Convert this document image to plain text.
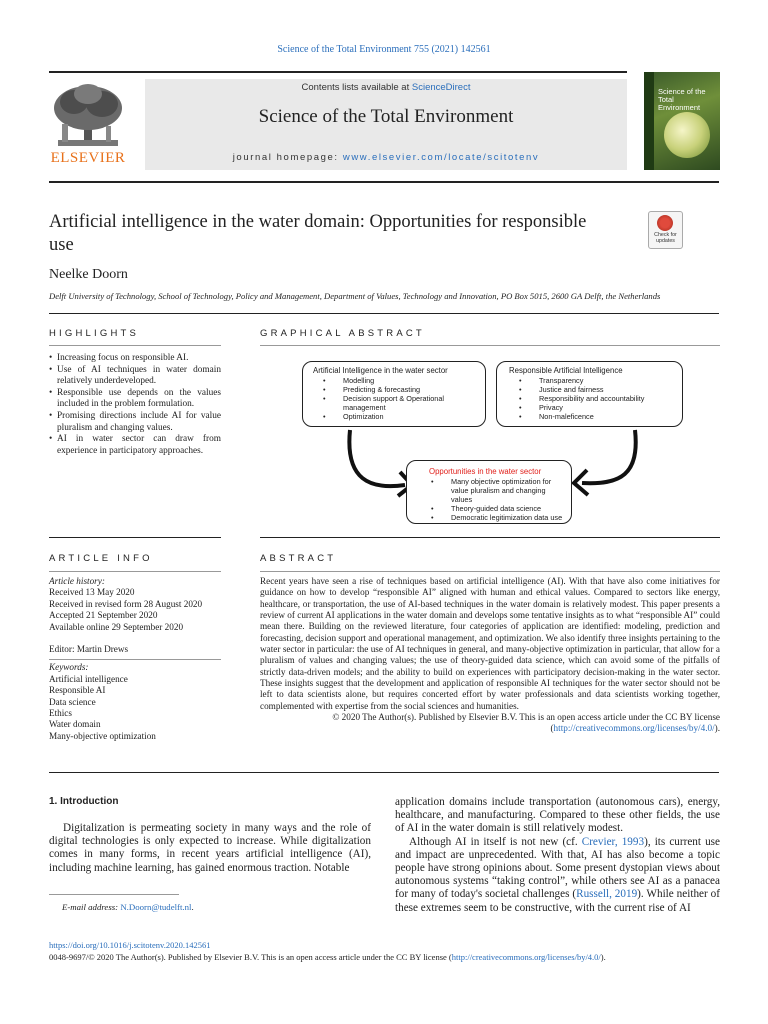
Science of the Total Environment 755 (2021) 142561
ELSEVIER
Contents lists available at ScienceDirect
Science of the Total Environment
journal homepage: www.elsevier.com/locate/scitotenv
Science of the Total Environment
Artificial intelligence in the water domain: Opportunities for responsible use	Check for updates
Neelke Doorn
Delft University of Technology, School of Technology, Policy and Management, Department of Values, Technology and Innovation, PO Box 5015, 2600 GA Delft, the Netherlands
HIGHLIGHTS
• Increasing focus on responsible AI.
• Use of AI techniques in water domain relatively underdeveloped.
• Responsible use depends on the values included in the problem formulation.
• Promising directions include AI for value pluralism and changing values.
• AI in water sector can draw from experience in participatory approaches.
GRAPHICAL ABSTRACT
Artificial Intelligence in the water sector
• Modelling
• Predicting & forecasting
• Decision support & Operational management
• Optimization
Responsible Artificial Intelligence
• Transparency
• Justice and fairness
• Responsibility and accountability
• Privacy
• Non-maleficence
Opportunities in the water sector
• Many objective optimization for value pluralism and changing values
• Theory-guided data science
• Democratic legitimization data use
ARTICLE INFO
Article history:
Received 13 May 2020
Received in revised form 28 August 2020
Accepted 21 September 2020
Available online 29 September 2020
Editor: Martin Drews
Keywords:
Artificial intelligence
Responsible AI
Data science
Ethics
Water domain
Many-objective optimization
ABSTRACT
Recent years have seen a rise of techniques based on artificial intelligence (AI). With that have also come initiatives for guidance on how to develop “responsible AI” aligned with human and ethical values. Compared to sectors like energy, healthcare, or transportation, the use of AI-based techniques in the water domain is relatively modest. This paper presents a review of current AI applications in the water domain and develops some tentative insights as to what “responsible AI” could mean there. Building on the reviewed literature, four categories of application are identified: modeling, prediction and forecasting, decision support and operational management, and optimization. We also identify three insights pertaining to the water sector in particular: the use of AI techniques in general, and many-objective optimization in particular, that allow for a pluralism of values and changing values; the use of theory-guided data science, which can avoid some of the pitfalls of strictly data-driven models; and the ability to build on experiences with participatory decision-making in the water sector. These insights suggest that the development and application of responsible AI techniques for the water sector should not be left to data scientists alone, but requires concerted effort by water professionals and data scientists working together, complemented with expertise from the social sciences and humanities.
© 2020 The Author(s). Published by Elsevier B.V. This is an open access article under the CC BY license (http://creativecommons.org/licenses/by/4.0/).
1. Introduction

Digitalization is permeating society in many ways and the role of digital technologies is only expected to increase. While digitalization comes in many forms, in recent years artificial intelligence (AI), including machine learning, has gained enormous traction. Notable

application domains include transportation (autonomous cars), energy, healthcare, and manufacturing. Compared to these other fields, the use of AI in the water domain is still relatively modest.

Although AI in itself is not new (cf. Crevier, 1993), its current use and impact are unprecedented. With that, AI has also become a topic people have strong opinions about. Some present dystopian views about autonomous systems “taking control”, while others see AI as a panacea for many of today's societal challenges (Russell, 2019). While neither of these extremes seem to be constructive, with the current rise of AI

E-mail address: N.Doorn@tudelft.nl.
https://doi.org/10.1016/j.scitotenv.2020.142561
0048-9697/© 2020 The Author(s). Published by Elsevier B.V. This is an open access article under the CC BY license (http://creativecommons.org/licenses/by/4.0/).
